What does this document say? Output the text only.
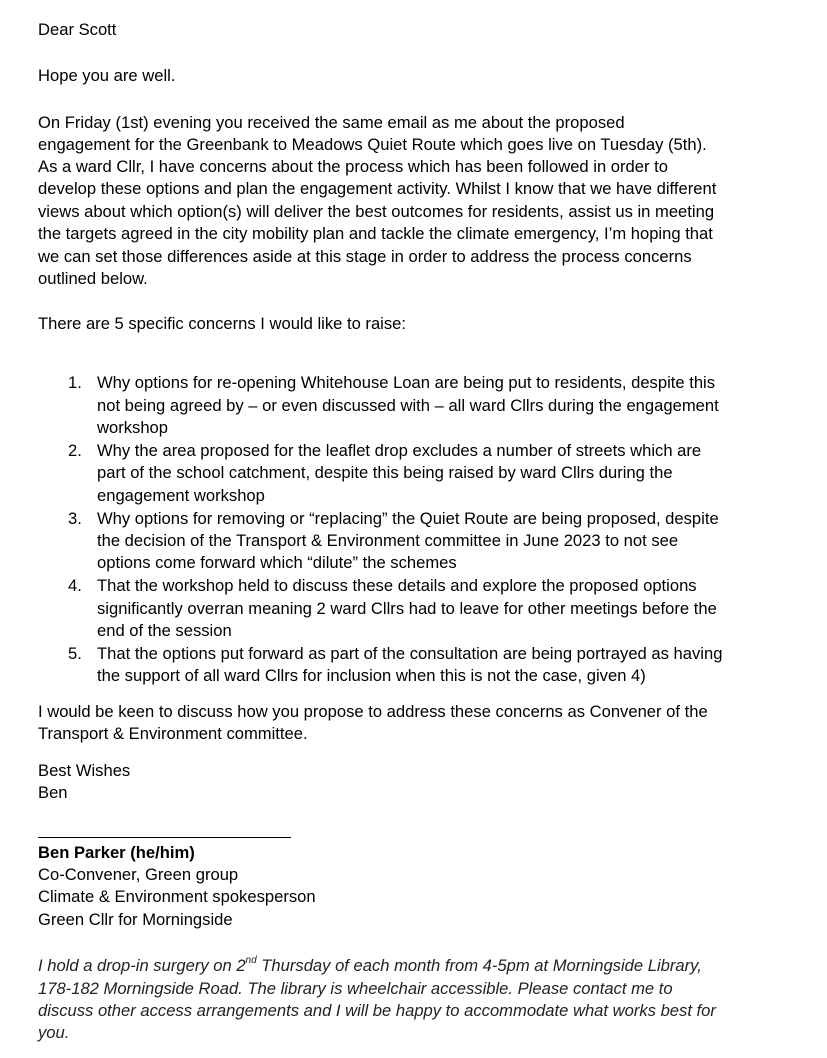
Dear Scott
Hope you are well.
On Friday (1st) evening you received the same email as me about the proposed
engagement for the Greenbank to Meadows Quiet Route which goes live on Tuesday (5th).
As a ward Cllr, I have concerns about the process which has been followed in order to
develop these options and plan the engagement activity. Whilst I know that we have different
views about which option(s) will deliver the best outcomes for residents, assist us in meeting
the targets agreed in the city mobility plan and tackle the climate emergency, I’m hoping that
we can set those differences aside at this stage in order to address the process concerns
outlined below.
There are 5 specific concerns I would like to raise:
1. Why options for re-opening Whitehouse Loan are being put to residents, despite this
not being agreed by – or even discussed with – all ward Cllrs during the engagement
workshop
2. Why the area proposed for the leaflet drop excludes a number of streets which are
part of the school catchment, despite this being raised by ward Cllrs during the
engagement workshop
3. Why options for removing or “replacing” the Quiet Route are being proposed, despite
the decision of the Transport & Environment committee in June 2023 to not see
options come forward which “dilute” the schemes
4. That the workshop held to discuss these details and explore the proposed options
significantly overran meaning 2 ward Cllrs had to leave for other meetings before the
end of the session
5. That the options put forward as part of the consultation are being portrayed as having
the support of all ward Cllrs for inclusion when this is not the case, given 4)
I would be keen to discuss how you propose to address these concerns as Convener of the
Transport & Environment committee.
Best Wishes
Ben
Ben Parker (he/him)
Co-Convener, Green group
Climate & Environment spokesperson
Green Cllr for Morningside
I hold a drop-in surgery on 2nd Thursday of each month from 4-5pm at Morningside Library,
178-182 Morningside Road. The library is wheelchair accessible. Please contact me to
discuss other access arrangements and I will be happy to accommodate what works best for
you.
